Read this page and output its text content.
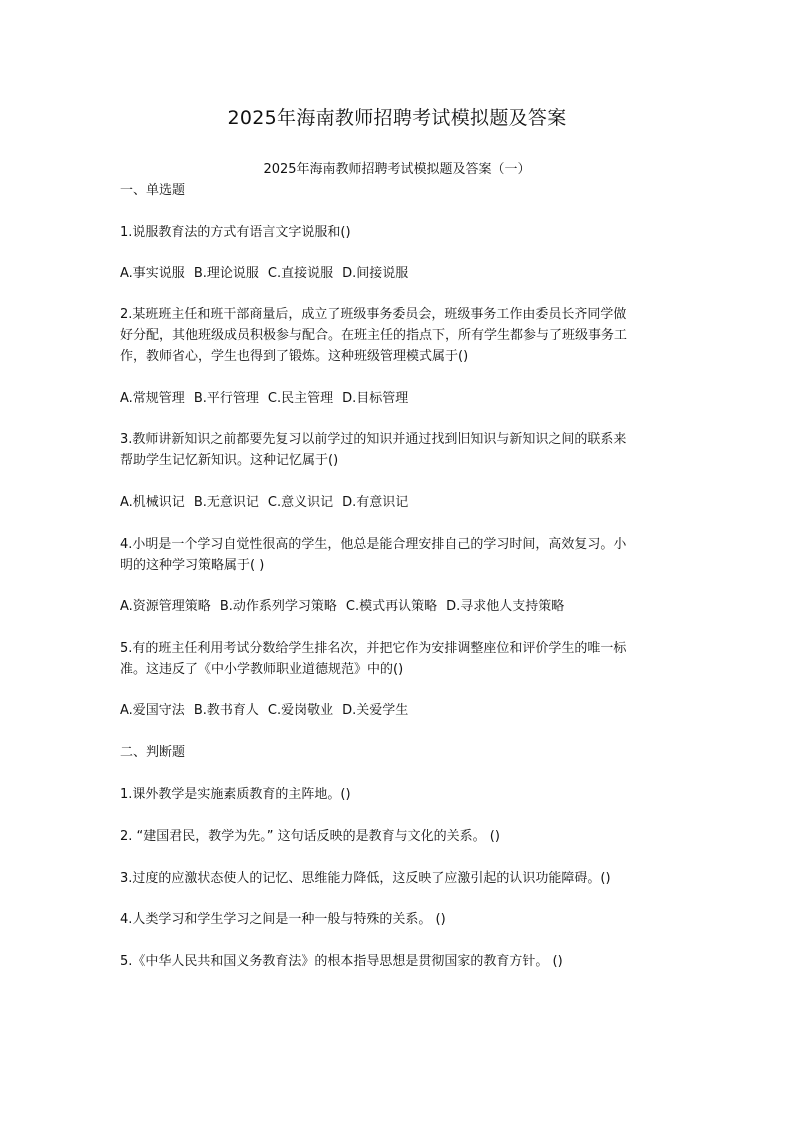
2025年海南教师招聘考试模拟题及答案
2025年海南教师招聘考试模拟题及答案（一）
一、单选题
1.说服教育法的方式有语言文字说服和()
A.事实说服 B.理论说服 C.直接说服 D.间接说服
2.某班班主任和班干部商量后，成立了班级事务委员会，班级事务工作由委员长齐同学做
好分配，其他班级成员积极参与配合。在班主任的指点下，所有学生都参与了班级事务工
作，教师省心，学生也得到了锻炼。这种班级管理模式属于()
A.常规管理 B.平行管理 C.民主管理 D.目标管理
3.教师讲新知识之前都要先复习以前学过的知识并通过找到旧知识与新知识之间的联系来
帮助学生记忆新知识。这种记忆属于()
A.机械识记 B.无意识记 C.意义识记 D.有意识记
4.小明是一个学习自觉性很高的学生，他总是能合理安排自己的学习时间，高效复习。小
明的这种学习策略属于( )
A.资源管理策略 B.动作系列学习策略 C.模式再认策略 D.寻求他人支持策略
5.有的班主任利用考试分数给学生排名次，并把它作为安排调整座位和评价学生的唯一标
准。这违反了《中小学教师职业道德规范》中的()
A.爱国守法 B.教书育人 C.爱岗敬业 D.关爱学生
二、判断题
1.课外教学是实施素质教育的主阵地。()
2. “建国君民，教学为先。” 这句话反映的是教育与文化的关系。 ()
3.过度的应激状态使人的记忆、思维能力降低，这反映了应激引起的认识功能障碍。()
4.人类学习和学生学习之间是一种一般与特殊的关系。 ()
5.《中华人民共和国义务教育法》的根本指导思想是贯彻国家的教育方针。 ()
